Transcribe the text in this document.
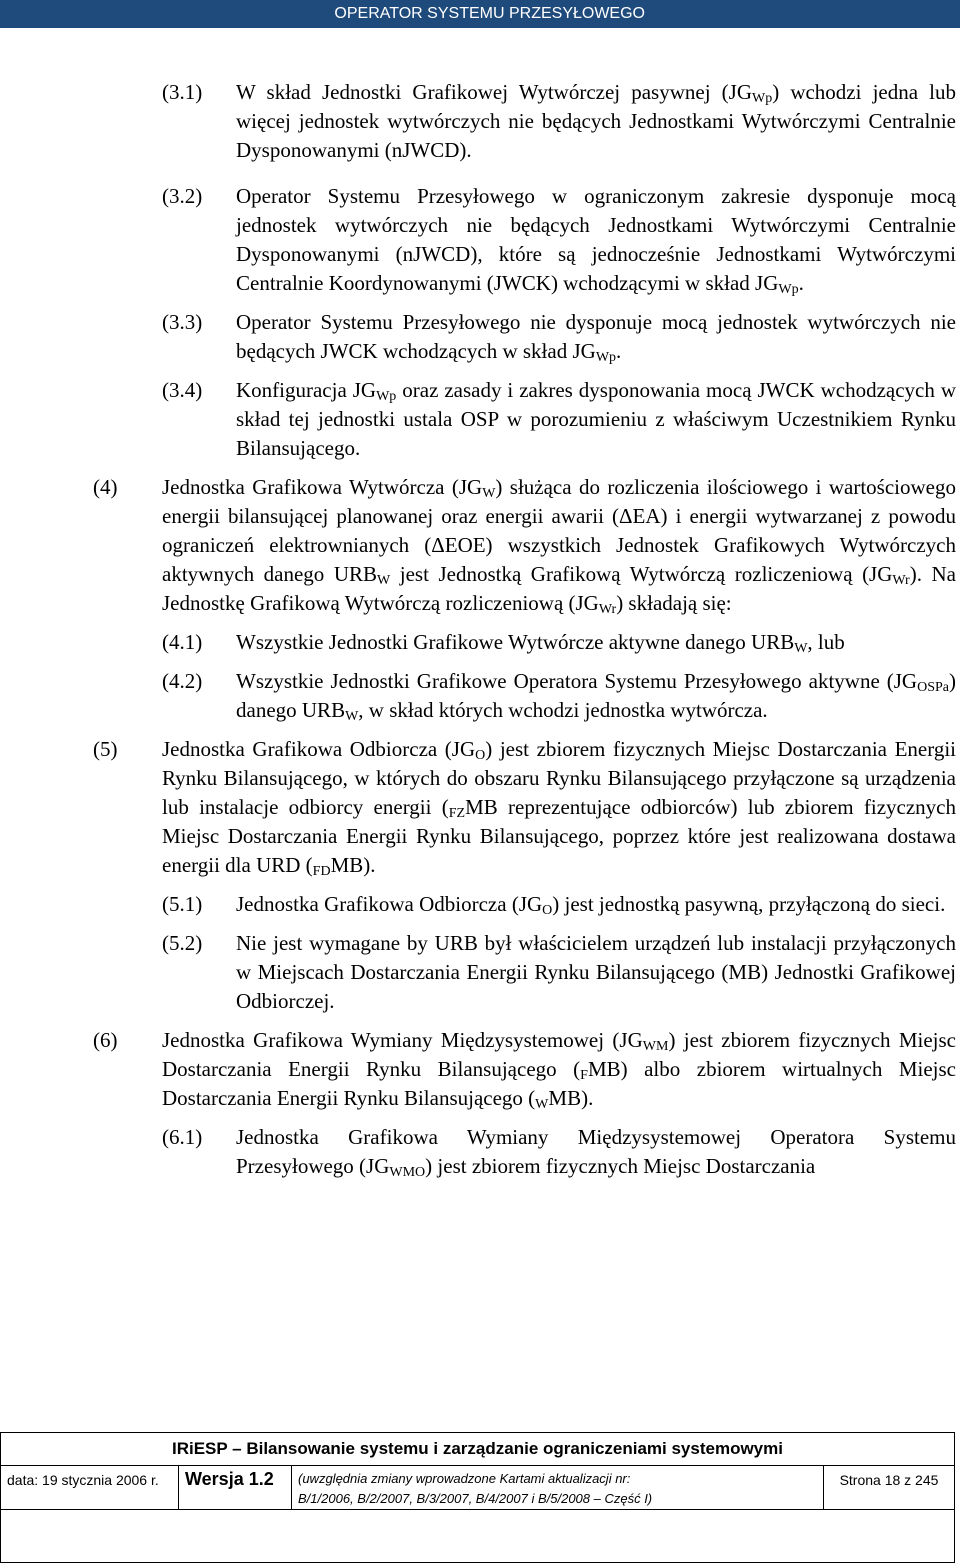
OPERATOR SYSTEMU PRZESYŁOWEGO
(3.1) W skład Jednostki Grafikowej Wytwórczej pasywnej $(JG_{Wp})$ wchodzi jedna lub więcej jednostek wytwórczych nie będących Jednostkami Wytwórczymi Centralnie Dysponowanymi (nJWCD).
(3.2) Operator Systemu Przesyłowego w ograniczonym zakresie dysponuje mocą jednostek wytwórczych nie będących Jednostkami Wytwórczymi Centralnie Dysponowanymi (nJWCD), które są jednocześnie Jednostkami Wytwórczymi Centralnie Koordynowanymi (JWCK) wchodzącymi w skład $JG_{Wp}$.
(3.3) Operator Systemu Przesyłowego nie dysponuje mocą jednostek wytwórczych nie będących JWCK wchodzących w skład $JG_{Wp}$.
(3.4) Konfiguracja $JG_{Wp}$ oraz zasady i zakres dysponowania mocą JWCK wchodzących w skład tej jednostki ustala OSP w porozumieniu z właściwym Uczestnikiem Rynku Bilansującego.
(4) Jednostka Grafikowa Wytwórcza $(JG_W)$ służąca do rozliczenia ilościowego i wartościowego energii bilansującej planowanej oraz energii awarii (ΔEA) i energii wytwarzanej z powodu ograniczeń elektrownianych (ΔEOE) wszystkich Jednostek Grafikowych Wytwórczych aktywnych danego $URB_W$ jest Jednostką Grafikową Wytwórczą rozliczeniową $(JG_{Wr})$. Na Jednostkę Grafikową Wytwórczą rozliczeniową $(JG_{Wr})$ składają się:
(4.1) Wszystkie Jednostki Grafikowe Wytwórcze aktywne danego $URB_W$, lub
(4.2) Wszystkie Jednostki Grafikowe Operatora Systemu Przesyłowego aktywne $(JG_{OSPa})$ danego $URB_W$, w skład których wchodzi jednostka wytwórcza.
(5) Jednostka Grafikowa Odbiorcza $(JG_O)$ jest zbiorem fizycznych Miejsc Dostarczania Energii Rynku Bilansującego, w których do obszaru Rynku Bilansującego przyłączone są urządzenia lub instalacje odbiorcy energii ($_{FZ}MB$ reprezentujące odbiorców) lub zbiorem fizycznych Miejsc Dostarczania Energii Rynku Bilansującego, poprzez które jest realizowana dostawa energii dla URD $(_{FD}MB)$.
(5.1) Jednostka Grafikowa Odbiorcza $(JG_O)$ jest jednostką pasywną, przyłączoną do sieci.
(5.2) Nie jest wymagane by URB był właścicielem urządzeń lub instalacji przyłączonych w Miejscach Dostarczania Energii Rynku Bilansującego (MB) Jednostki Grafikowej Odbiorczej.
(6) Jednostka Grafikowa Wymiany Międzysystemowej $(JG_{WM})$ jest zbiorem fizycznych Miejsc Dostarczania Energii Rynku Bilansującego $(_FMB)$ albo zbiorem wirtualnych Miejsc Dostarczania Energii Rynku Bilansującego $(_WMB)$.
(6.1) Jednostka Grafikowa Wymiany Międzysystemowej Operatora Systemu Przesyłowego $(JG_{WMO})$ jest zbiorem fizycznych Miejsc Dostarczania
IRiESP – Bilansowanie systemu i zarządzanie ograniczeniami systemowymi
data: 19 stycznia 2006 r.	Wersja 1.2	(uwzględnia zmiany wprowadzone Kartami aktualizacji nr:
B/1/2006, B/2/2007, B/3/2007, B/4/2007 i B/5/2008 – Część I)
	Strona 18 z 245
